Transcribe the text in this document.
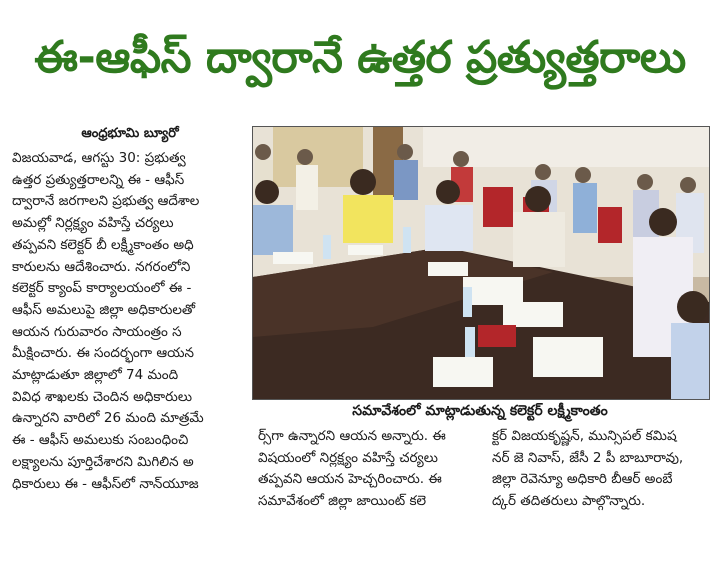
ఈ-ఆఫీస్ ద్వారానే ఉత్తర ప్రత్యుత్తరాలు
ఆంధ్రభూమి బ్యూరో

విజయవాడ, ఆగస్టు 30: ప్రభుత్వ

ఉత్తర ప్రత్యుత్తరాలన్ని ఈ - ఆఫీస్

ద్వారానే జరగాలని ప్రభుత్వ ఆదేశాల

అమల్లో నిర్లక్ష్యం వహిస్తే చర్యలు

తప్పవని కలెక్టర్ బీ లక్ష్మీకాంతం అధి

కారులను ఆదేశించారు. నగరంలోని

కలెక్టర్ క్యాంప్ కార్యాలయంలో ఈ -

ఆఫీస్ అమలుపై జిల్లా అధికారులతో

ఆయన గురువారం సాయంత్రం స

మీక్షించారు. ఈ సందర్భంగా ఆయన

మాట్లాడుతూ జిల్లాలో 74 మంది

వివిధ శాఖలకు చెందిన అధికారులు

ఉన్నారని వారిలో 26 మంది మాత్రమే

ఈ - ఆఫీస్ అమలుకు సంబంధించి

లక్ష్యాలను పూర్తిచేశారని మిగిలిన అ

ధికారులు ఈ - ఆఫీస్‌లో నాన్‌యూజ

సమావేశంలో మాట్లాడుతున్న కలెక్టర్ లక్ష్మీకాంతం

ర్స్‌గా ఉన్నారని ఆయన అన్నారు. ఈ

విషయంలో నిర్లక్ష్యం వహిస్తే చర్యలు

తప్పవని ఆయన హెచ్చరించారు. ఈ

సమావేశంలో జిల్లా జాయింట్ కలె

క్టర్ విజయకృష్ణన్, మున్సిపల్ కమిష

నర్ జె నివాస్, జేసీ 2 పీ బాబూరావు,

జిల్లా రెవెన్యూ అధికారి బీఆర్ అంబే

ద్కర్ తదితరులు పాల్గొన్నారు.
